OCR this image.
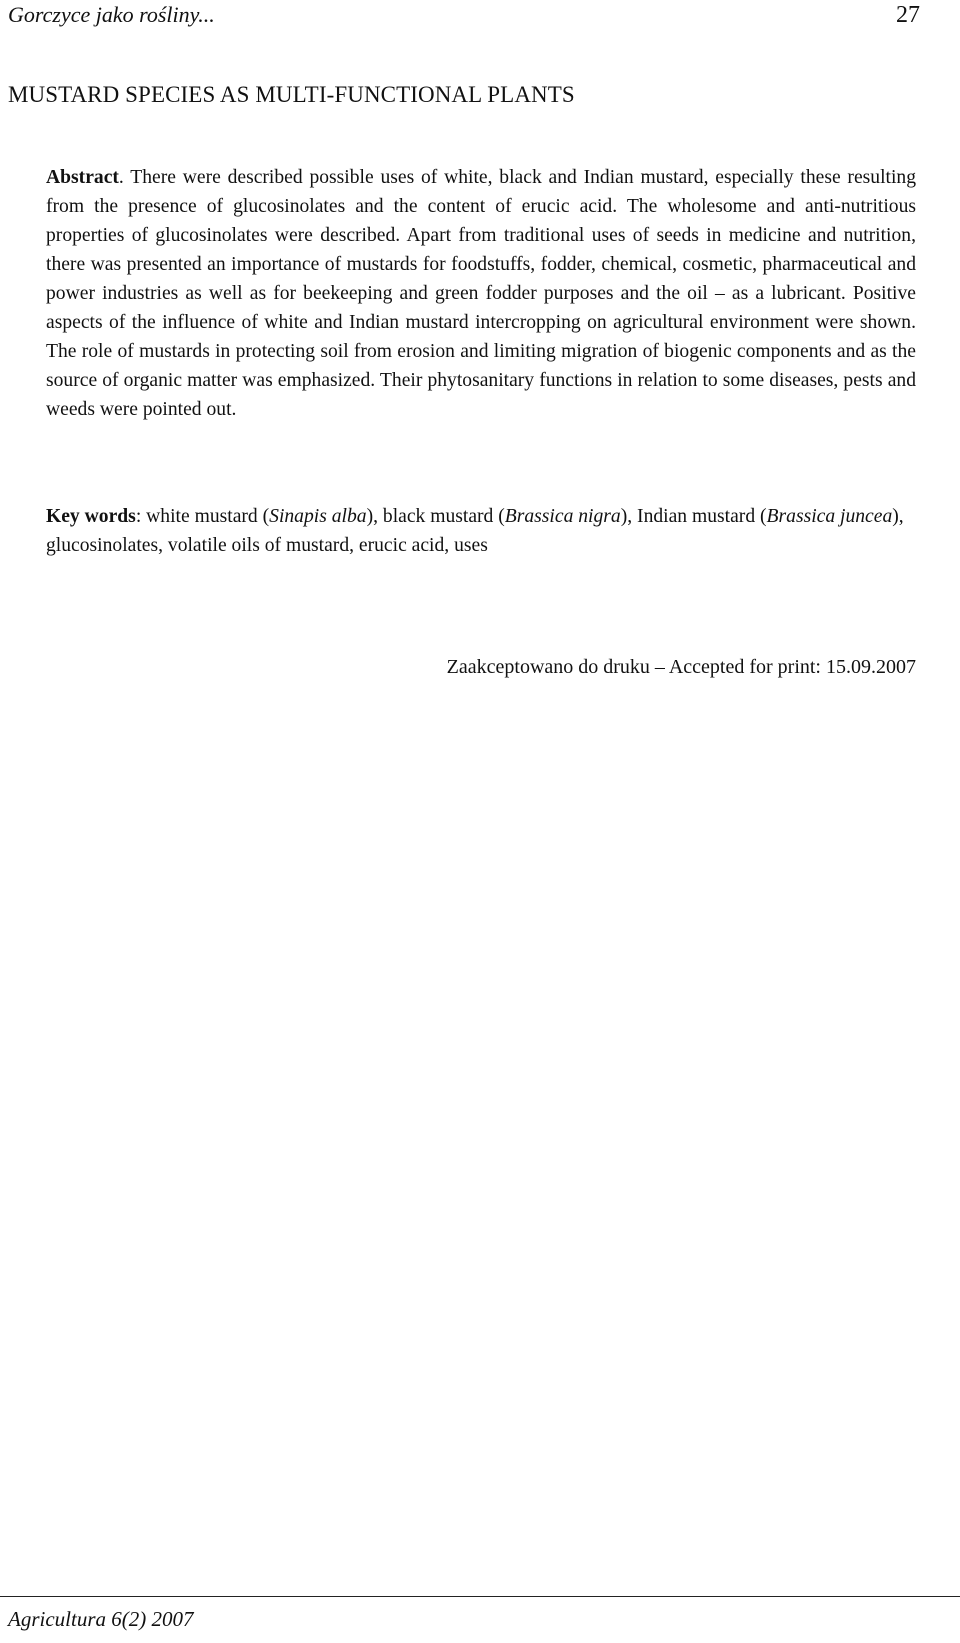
Gorczyce jako rośliny...	27
MUSTARD SPECIES AS MULTI-FUNCTIONAL PLANTS

Abstract. There were described possible uses of white, black and Indian mustard, especially these resulting from the presence of glucosinolates and the content of erucic acid. The wholesome and anti-nutritious properties of glucosinolates were described. Apart from traditional uses of seeds in medicine and nutrition, there was presented an importance of mustards for foodstuffs, fodder, chemical, cosmetic, pharmaceutical and power industries as well as for beekeeping and green fodder purposes and the oil – as a lubricant. Positive aspects of the influence of white and Indian mustard intercropping on agricultural environment were shown. The role of mustards in protecting soil from erosion and limiting migration of biogenic components and as the source of organic matter was emphasized. Their phytosanitary functions in relation to some diseases, pests and weeds were pointed out.

Key words: white mustard (Sinapis alba), black mustard (Brassica nigra), Indian mustard (Brassica juncea), glucosinolates, volatile oils of mustard, erucic acid, uses

Zaakceptowano do druku – Accepted for print: 15.09.2007
Agricultura 6(2) 2007
